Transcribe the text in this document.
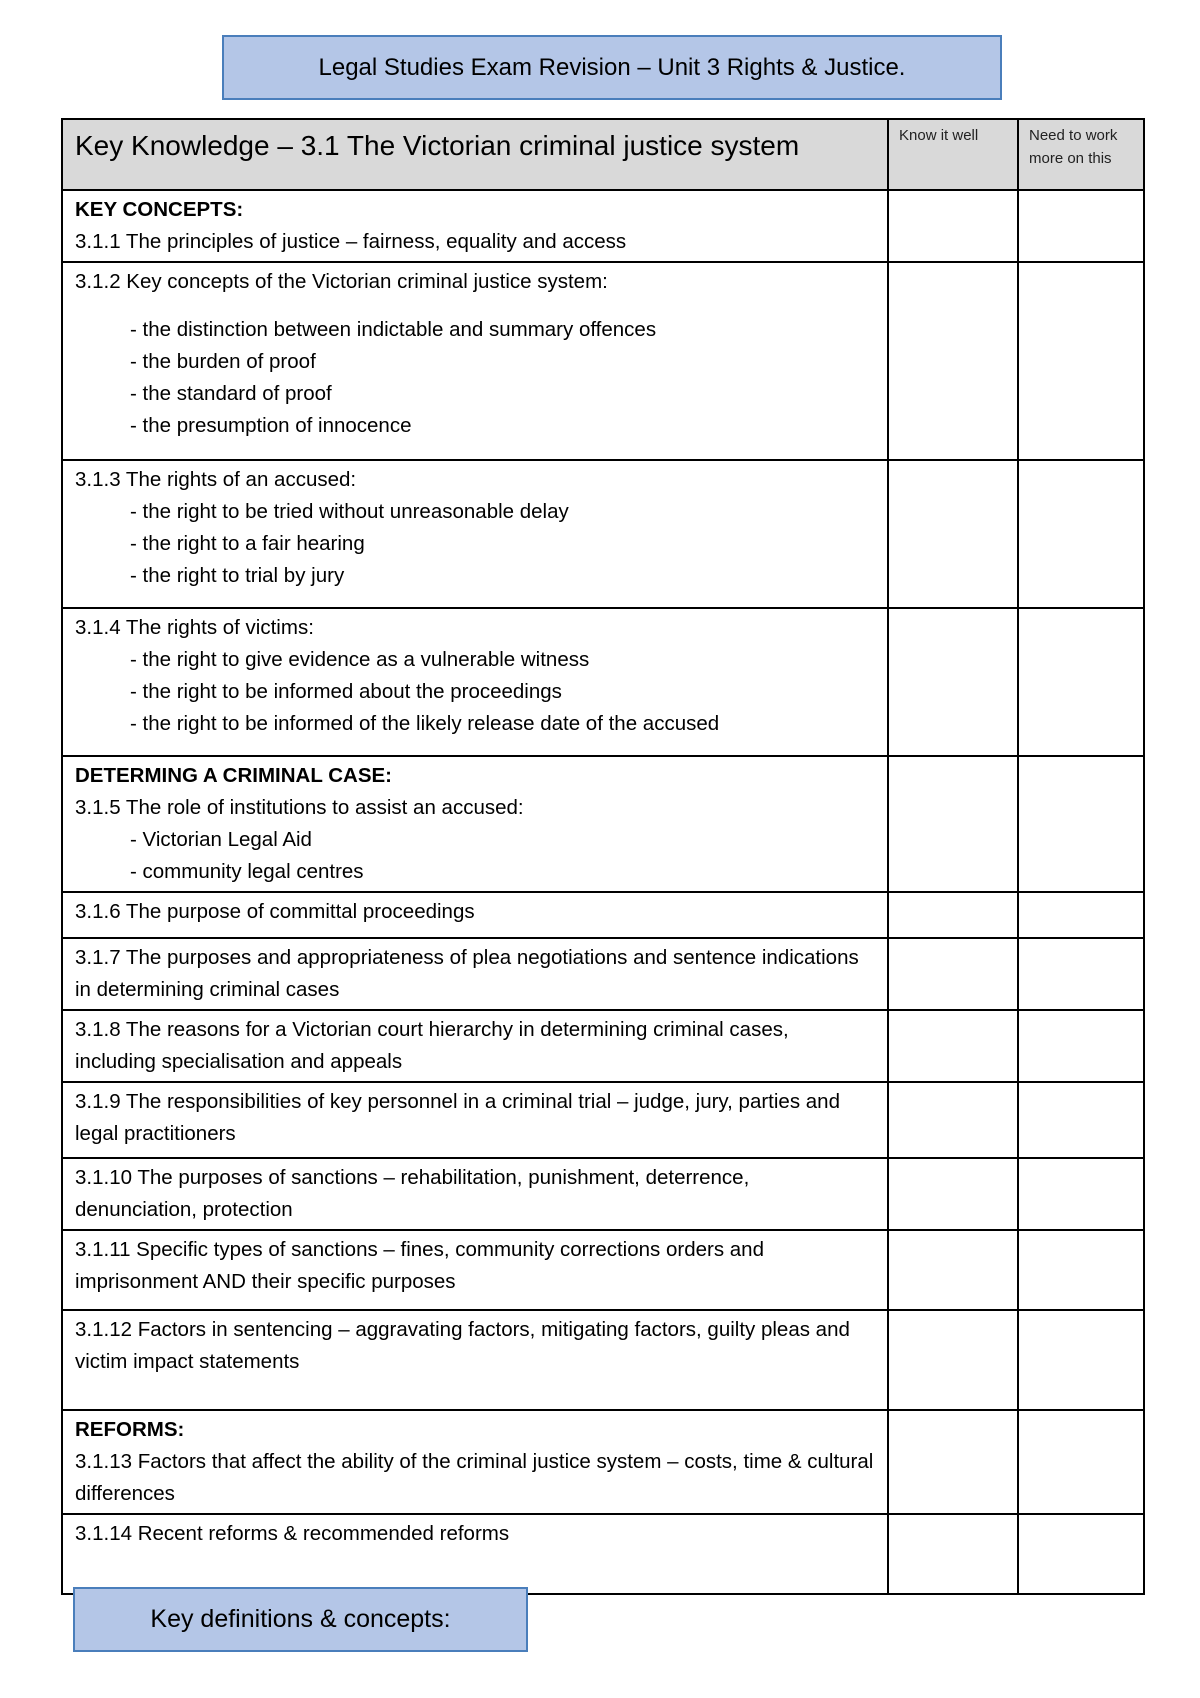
Legal Studies Exam Revision – Unit 3 Rights & Justice.
Key Knowledge – 3.1 The Victorian criminal justice system	Know it well	Need to work more on this

KEY CONCEPTS:
3.1.1 The principles of justice – fairness, equality and access		

3.1.2 Key concepts of the Victorian criminal justice system:
- the distinction between indictable and summary offences
- the burden of proof
- the standard of proof
- the presumption of innocence		

3.1.3 The rights of an accused:
- the right to be tried without unreasonable delay
- the right to a fair hearing
- the right to trial by jury		

3.1.4 The rights of victims:
- the right to give evidence as a vulnerable witness
- the right to be informed about the proceedings
- the right to be informed of the likely release date of the accused		

DETERMING A CRIMINAL CASE:
3.1.5 The role of institutions to assist an accused:
- Victorian Legal Aid
- community legal centres		

3.1.6 The purpose of committal proceedings		

3.1.7 The purposes and appropriateness of plea negotiations and sentence indications in determining criminal cases		

3.1.8 The reasons for a Victorian court hierarchy in determining criminal cases, including specialisation and appeals		

3.1.9 The responsibilities of key personnel in a criminal trial – judge, jury, parties and legal practitioners		

3.1.10 The purposes of sanctions – rehabilitation, punishment, deterrence, denunciation, protection		

3.1.11 Specific types of sanctions – fines, community corrections orders and imprisonment AND their specific purposes		

3.1.12 Factors in sentencing – aggravating factors, mitigating factors, guilty pleas and victim impact statements		

REFORMS:
3.1.13 Factors that affect the ability of the criminal justice system – costs, time & cultural differences		

3.1.14 Recent reforms & recommended reforms		

Key definitions & concepts:
